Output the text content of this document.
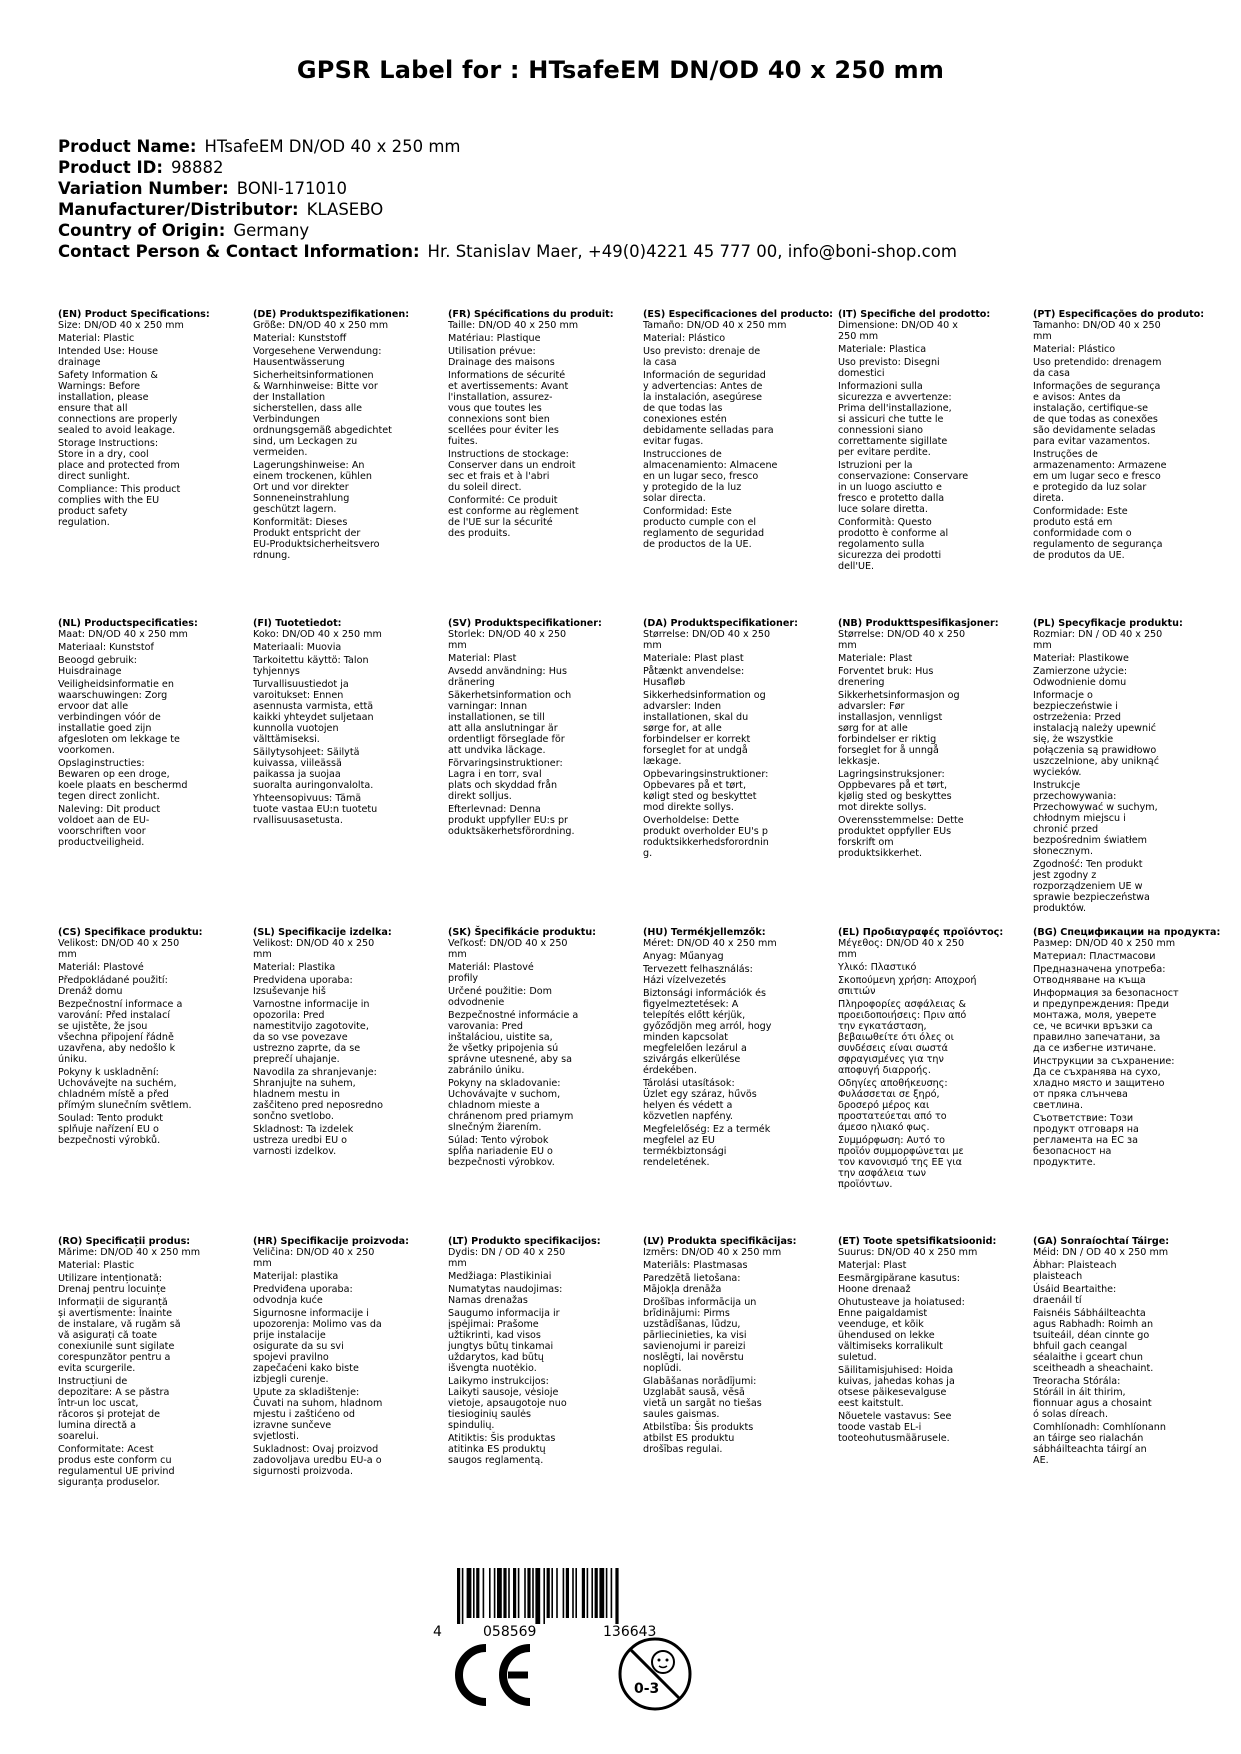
GPSR Label for : HTsafeEM DN/OD 40 x 250 mm
Product Name: HTsafeEM DN/OD 40 x 250 mm
Product ID: 98882
Variation Number: BONI-171010
Manufacturer/Distributor: KLASEBO
Country of Origin: Germany
Contact Person & Contact Information: Hr. Stanislav Maer, +49(0)4221 45 777 00, info@boni-shop.com
(EN) Product Specifications:
Size: DN/OD 40 x 250 mm
Material: Plastic
Intended Use: House
drainage
Safety Information &
Warnings: Before
installation, please
ensure that all
connections are properly
sealed to avoid leakage.
Storage Instructions:
Store in a dry, cool
place and protected from
direct sunlight.
Compliance: This product
complies with the EU
product safety
regulation.
(DE) Produktspezifikationen:
Größe: DN/OD 40 x 250 mm
Material: Kunststoff
Vorgesehene Verwendung:
Hausentwässerung
Sicherheitsinformationen
& Warnhinweise: Bitte vor
der Installation
sicherstellen, dass alle
Verbindungen
ordnungsgemäß abgedichtet
sind, um Leckagen zu
vermeiden.
Lagerungshinweise: An
einem trockenen, kühlen
Ort und vor direkter
Sonneneinstrahlung
geschützt lagern.
Konformität: Dieses
Produkt entspricht der
EU-Produktsicherheitsvero
rdnung.
(FR) Spécifications du produit:
Taille: DN/OD 40 x 250 mm
Matériau: Plastique
Utilisation prévue:
Drainage des maisons
Informations de sécurité
et avertissements: Avant
l'installation, assurez-
vous que toutes les
connexions sont bien
scellées pour éviter les
fuites.
Instructions de stockage:
Conserver dans un endroit
sec et frais et à l'abri
du soleil direct.
Conformité: Ce produit
est conforme au règlement
de l'UE sur la sécurité
des produits.
(ES) Especificaciones del producto:
Tamaño: DN/OD 40 x 250 mm
Material: Plástico
Uso previsto: drenaje de
la casa
Información de seguridad
y advertencias: Antes de
la instalación, asegúrese
de que todas las
conexiones estén
debidamente selladas para
evitar fugas.
Instrucciones de
almacenamiento: Almacene
en un lugar seco, fresco
y protegido de la luz
solar directa.
Conformidad: Este
producto cumple con el
reglamento de seguridad
de productos de la UE.
(IT) Specifiche del prodotto:
Dimensione: DN/OD 40 x
250 mm
Materiale: Plastica
Uso previsto: Disegni
domestici
Informazioni sulla
sicurezza e avvertenze:
Prima dell'installazione,
si assicuri che tutte le
connessioni siano
correttamente sigillate
per evitare perdite.
Istruzioni per la
conservazione: Conservare
in un luogo asciutto e
fresco e protetto dalla
luce solare diretta.
Conformità: Questo
prodotto è conforme al
regolamento sulla
sicurezza dei prodotti
dell'UE.
(PT) Especificações do produto:
Tamanho: DN/OD 40 x 250
mm
Material: Plástico
Uso pretendido: drenagem
da casa
Informações de segurança
e avisos: Antes da
instalação, certifique-se
de que todas as conexões
são devidamente seladas
para evitar vazamentos.
Instruções de
armazenamento: Armazene
em um lugar seco e fresco
e protegido da luz solar
direta.
Conformidade: Este
produto está em
conformidade com o
regulamento de segurança
de produtos da UE.
(NL) Productspecificaties:
Maat: DN/OD 40 x 250 mm
Materiaal: Kunststof
Beoogd gebruik:
Huisdrainage
Veiligheidsinformatie en
waarschuwingen: Zorg
ervoor dat alle
verbindingen vóór de
installatie goed zijn
afgesloten om lekkage te
voorkomen.
Opslaginstructies:
Bewaren op een droge,
koele plaats en beschermd
tegen direct zonlicht.
Naleving: Dit product
voldoet aan de EU-
voorschriften voor
productveiligheid.
(FI) Tuotetiedot:
Koko: DN/OD 40 x 250 mm
Materiaali: Muovia
Tarkoitettu käyttö: Talon
tyhjennys
Turvallisuustiedot ja
varoitukset: Ennen
asennusta varmista, että
kaikki yhteydet suljetaan
kunnolla vuotojen
välttämiseksi.
Säilytysohjeet: Säilytä
kuivassa, viileässä
paikassa ja suojaa
suoralta auringonvalolta.
Yhteensopivuus: Tämä
tuote vastaa EU:n tuotetu
rvallisuusasetusta.
(SV) Produktspecifikationer:
Storlek: DN/OD 40 x 250
mm
Material: Plast
Avsedd användning: Hus
dränering
Säkerhetsinformation och
varningar: Innan
installationen, se till
att alla anslutningar är
ordentligt förseglade för
att undvika läckage.
Förvaringsinstruktioner:
Lagra i en torr, sval
plats och skyddad från
direkt solljus.
Efterlevnad: Denna
produkt uppfyller EU:s pr
oduktsäkerhetsförordning.
(DA) Produktspecifikationer:
Størrelse: DN/OD 40 x 250
mm
Materiale: Plast plast
Påtænkt anvendelse:
Husafløb
Sikkerhedsinformation og
advarsler: Inden
installationen, skal du
sørge for, at alle
forbindelser er korrekt
forseglet for at undgå
lækage.
Opbevaringsinstruktioner:
Opbevares på et tørt,
køligt sted og beskyttet
mod direkte sollys.
Overholdelse: Dette
produkt overholder EU's p
roduktsikkerhedsforordnin
g.
(NB) Produkttspesifikasjoner:
Størrelse: DN/OD 40 x 250
mm
Materiale: Plast
Forventet bruk: Hus
drenering
Sikkerhetsinformasjon og
advarsler: Før
installasjon, vennligst
sørg for at alle
forbindelser er riktig
forseglet for å unngå
lekkasje.
Lagringsinstruksjoner:
Oppbevares på et tørt,
kjølig sted og beskyttes
mot direkte sollys.
Overensstemmelse: Dette
produktet oppfyller EUs
forskrift om
produktsikkerhet.
(PL) Specyfikacje produktu:
Rozmiar: DN / OD 40 x 250
mm
Materiał: Plastikowe
Zamierzone użycie:
Odwodnienie domu
Informacje o
bezpieczeństwie i
ostrzeżenia: Przed
instalacją należy upewnić
się, że wszystkie
połączenia są prawidłowo
uszczelnione, aby uniknąć
wycieków.
Instrukcje
przechowywania:
Przechowywać w suchym,
chłodnym miejscu i
chronić przed
bezpośrednim światłem
słonecznym.
Zgodność: Ten produkt
jest zgodny z
rozporządzeniem UE w
sprawie bezpieczeństwa
produktów.
(CS) Specifikace produktu:
Velikost: DN/OD 40 x 250
mm
Materiál: Plastové
Předpokládané použití:
Drenáž domu
Bezpečnostní informace a
varování: Před instalací
se ujistěte, že jsou
všechna připojení řádně
uzavřena, aby nedošlo k
úniku.
Pokyny k uskladnění:
Uchovávejte na suchém,
chladném místě a před
přímým slunečním světlem.
Soulad: Tento produkt
splňuje nařízení EU o
bezpečnosti výrobků.
(SL) Specifikacije izdelka:
Velikost: DN/OD 40 x 250
mm
Material: Plastika
Predvidena uporaba:
Izsuševanje hiš
Varnostne informacije in
opozorila: Pred
namestitvijo zagotovite,
da so vse povezave
ustrezno zaprte, da se
preprečí uhajanje.
Navodila za shranjevanje:
Shranjujte na suhem,
hladnem mestu in
zaščiteno pred neposredno
sončno svetlobo.
Skladnost: Ta izdelek
ustreza uredbi EU o
varnosti izdelkov.
(SK) Špecifikácie produktu:
Veľkosť: DN/OD 40 x 250
mm
Materiál: Plastové
profily
Určené použitie: Dom
odvodnenie
Bezpečnostné informácie a
varovania: Pred
inštaláciou, uistite sa,
že všetky pripojenia sú
správne utesnené, aby sa
zabránilo úniku.
Pokyny na skladovanie:
Uchovávajte v suchom,
chladnom mieste a
chránenom pred priamym
slnečným žiarením.
Súlad: Tento výrobok
spĺňa nariadenie EU o
bezpečnosti výrobkov.
(HU) Termékjellemzők:
Méret: DN/OD 40 x 250 mm
Anyag: Műanyag
Tervezett felhasználás:
Házi vízelvezetés
Biztonsági információk és
figyelmeztetések: A
telepítés előtt kérjük,
győződjön meg arról, hogy
minden kapcsolat
megfelelően lezárul a
szivárgás elkerülése
érdekében.
Tárolási utasítások:
Üzlet egy száraz, hűvös
helyen és védett a
közvetlen napfény.
Megfelelőség: Ez a termék
megfelel az EU
termékbiztonsági
rendeletének.
(EL) Προδιαγραφές προϊόντος:
Μέγεθος: DN/OD 40 x 250
mm
Υλικό: Πλαστικό
Σκοπούμενη χρήση: Αποχροή
σπιτιών
Πληροφορίες ασφάλειας &
προειδοποιήσεις: Πριν από
την εγκατάσταση,
βεβαιωθείτε ότι όλες οι
συνδέσεις είναι σωστά
σφραγισμένες για την
αποφυγή διαρροής.
Οδηγίες αποθήκευσης:
Φυλάσσεται σε ξηρό,
δροσερό μέρος και
προστατεύεται από το
άμεσο ηλιακό φως.
Συμμόρφωση: Αυτό το
προϊόν συμμορφώνεται με
τον κανονισμό της ΕΕ για
την ασφάλεια των
προϊόντων.
(BG) Спецификации на продукта:
Размер: DN/OD 40 x 250 mm
Материал: Пластмасови
Предназначена употреба:
Отводняване на къща
Информация за безопасност
и предупреждения: Преди
монтажа, моля, уверете
се, че всички връзки са
правилно запечатани, за
да се избегне изтичане.
Инструкции за съхранение:
Да се съхранява на сухо,
хладно място и защитено
от пряка слънчева
светлина.
Съответствие: Този
продукт отговаря на
регламента на ЕС за
безопасност на
продуктите.
(RO) Specificații produs:
Mărime: DN/OD 40 x 250 mm
Material: Plastic
Utilizare intenționată:
Drenaj pentru locuințe
Informații de siguranță
și avertismente: Înainte
de instalare, vă rugăm să
vă asigurați că toate
conexiunile sunt sigilate
corespunzător pentru a
evita scurgerile.
Instrucțiuni de
depozitare: A se păstra
într-un loc uscat,
răcoros și protejat de
lumina directă a
soarelui.
Conformitate: Acest
produs este conform cu
regulamentul UE privind
siguranța produselor.
(HR) Specifikacije proizvoda:
Veličina: DN/OD 40 x 250
mm
Materijal: plastika
Predviđena uporaba:
odvodnja kuće
Sigurnosne informacije i
upozorenja: Molimo vas da
prije instalacije
osigurate da su svi
spojevi pravilno
zapečaćeni kako biste
izbjegli curenje.
Upute za skladištenje:
Čuvati na suhom, hladnom
mjestu i zaštićeno od
izravne sunčeve
svjetlosti.
Sukladnost: Ovaj proizvod
zadovoljava uredbu EU-a o
sigurnosti proizvoda.
(LT) Produkto specifikacijos:
Dydis: DN / OD 40 x 250
mm
Medžiaga: Plastikiniai
Numatytas naudojimas:
Namas drenažas
Saugumo informacija ir
įspėjimai: Prašome
užtikrinti, kad visos
jungtys būtų tinkamai
uždarytos, kad būtų
išvengta nuotėkio.
Laikymo instrukcijos:
Laikyti sausoje, vėsioje
vietoje, apsaugotoje nuo
tiesioginių saulės
spindulių.
Atitiktis: Šis produktas
atitinka ES produktų
saugos reglamentą.
(LV) Produkta specifikācijas:
Izmērs: DN/OD 40 x 250 mm
Materiāls: Plastmasas
Paredzētā lietošana:
Mājokļa drenāža
Drošības informācija un
brīdinājumi: Pirms
uzstādīšanas, lūdzu,
pārliecinieties, ka visi
savienojumi ir pareizi
noslēgti, lai novērstu
noplūdi.
Glabāšanas norādījumi:
Uzglabāt sausā, vēsā
vietā un sargāt no tiešas
saules gaismas.
Atbilstība: Šis produkts
atbilst ES produktu
drošības regulai.
(ET) Toote spetsifikatsioonid:
Suurus: DN/OD 40 x 250 mm
Materjal: Plast
Eesmärgipärane kasutus:
Hoone drenaaž
Ohutusteave ja hoiatused:
Enne paigaldamist
veenduge, et kõik
ühendused on lekke
vältimiseks korralikult
suletud.
Säilitamisjuhised: Hoida
kuivas, jahedas kohas ja
otsese päikesevalguse
eest kaitstult.
Nõuetele vastavus: See
toode vastab EL-i
tooteohutusmäärusele.
(GA) Sonraíochtaí Táirge:
Méid: DN / OD 40 x 250 mm
Ábhar: Plaisteach
plaisteach
Úsáid Beartaithe:
draenáil tí
Faisnéis Sábháilteachta
agus Rabhadh: Roimh an
tsuiteáil, déan cinnte go
bhfuil gach ceangal
séalaithe i gceart chun
sceitheadh a sheachaint.
Treoracha Stórála:
Stóráil in áit thirim,
fionnuar agus a chosaint
ó solas díreach.
Comhlíonadh: Comhlíonann
an táirge seo rialachán
sábháilteachta táirgí an
AE.
4	058569	136643
0-3
